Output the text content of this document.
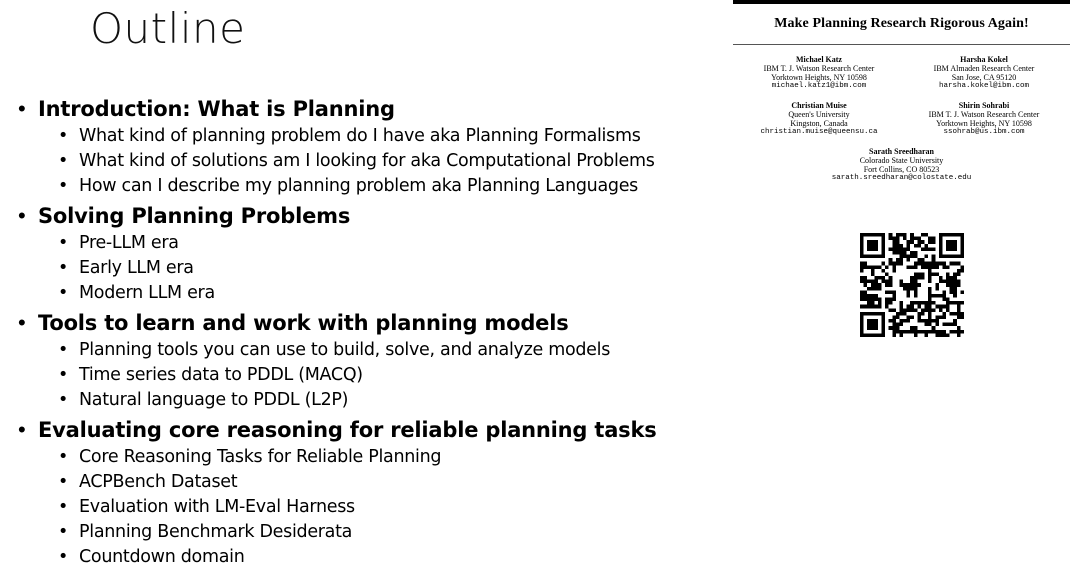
Outline
• Introduction: What is Planning
• What kind of planning problem do I have aka Planning Formalisms
• What kind of solutions am I looking for aka Computational Problems
• How can I describe my planning problem aka Planning Languages
• Solving Planning Problems
• Pre-LLM era
• Early LLM era
• Modern LLM era
• Tools to learn and work with planning models
• Planning tools you can use to build, solve, and analyze models
• Time series data to PDDL (MACQ)
• Natural language to PDDL (L2P)
• Evaluating core reasoning for reliable planning tasks
• Core Reasoning Tasks for Reliable Planning
• ACPBench Dataset
• Evaluation with LM-Eval Harness
• Planning Benchmark Desiderata
• Countdown domain
Make Planning Research Rigorous Again!
Michael Katz
IBM T. J. Watson Research Center
Yorktown Heights, NY 10598
michael.katz1@ibm.com
Harsha Kokel
IBM Almaden Research Center
San Jose, CA 95120
harsha.kokel@ibm.com
Christian Muise
Queen's University
Kingston, Canada
christian.muise@queensu.ca
Shirin Sohrabi
IBM T. J. Watson Research Center
Yorktown Heights, NY 10598
ssohrab@us.ibm.com
Sarath Sreedharan
Colorado State University
Fort Collins, CO 80523
sarath.sreedharan@colostate.edu
